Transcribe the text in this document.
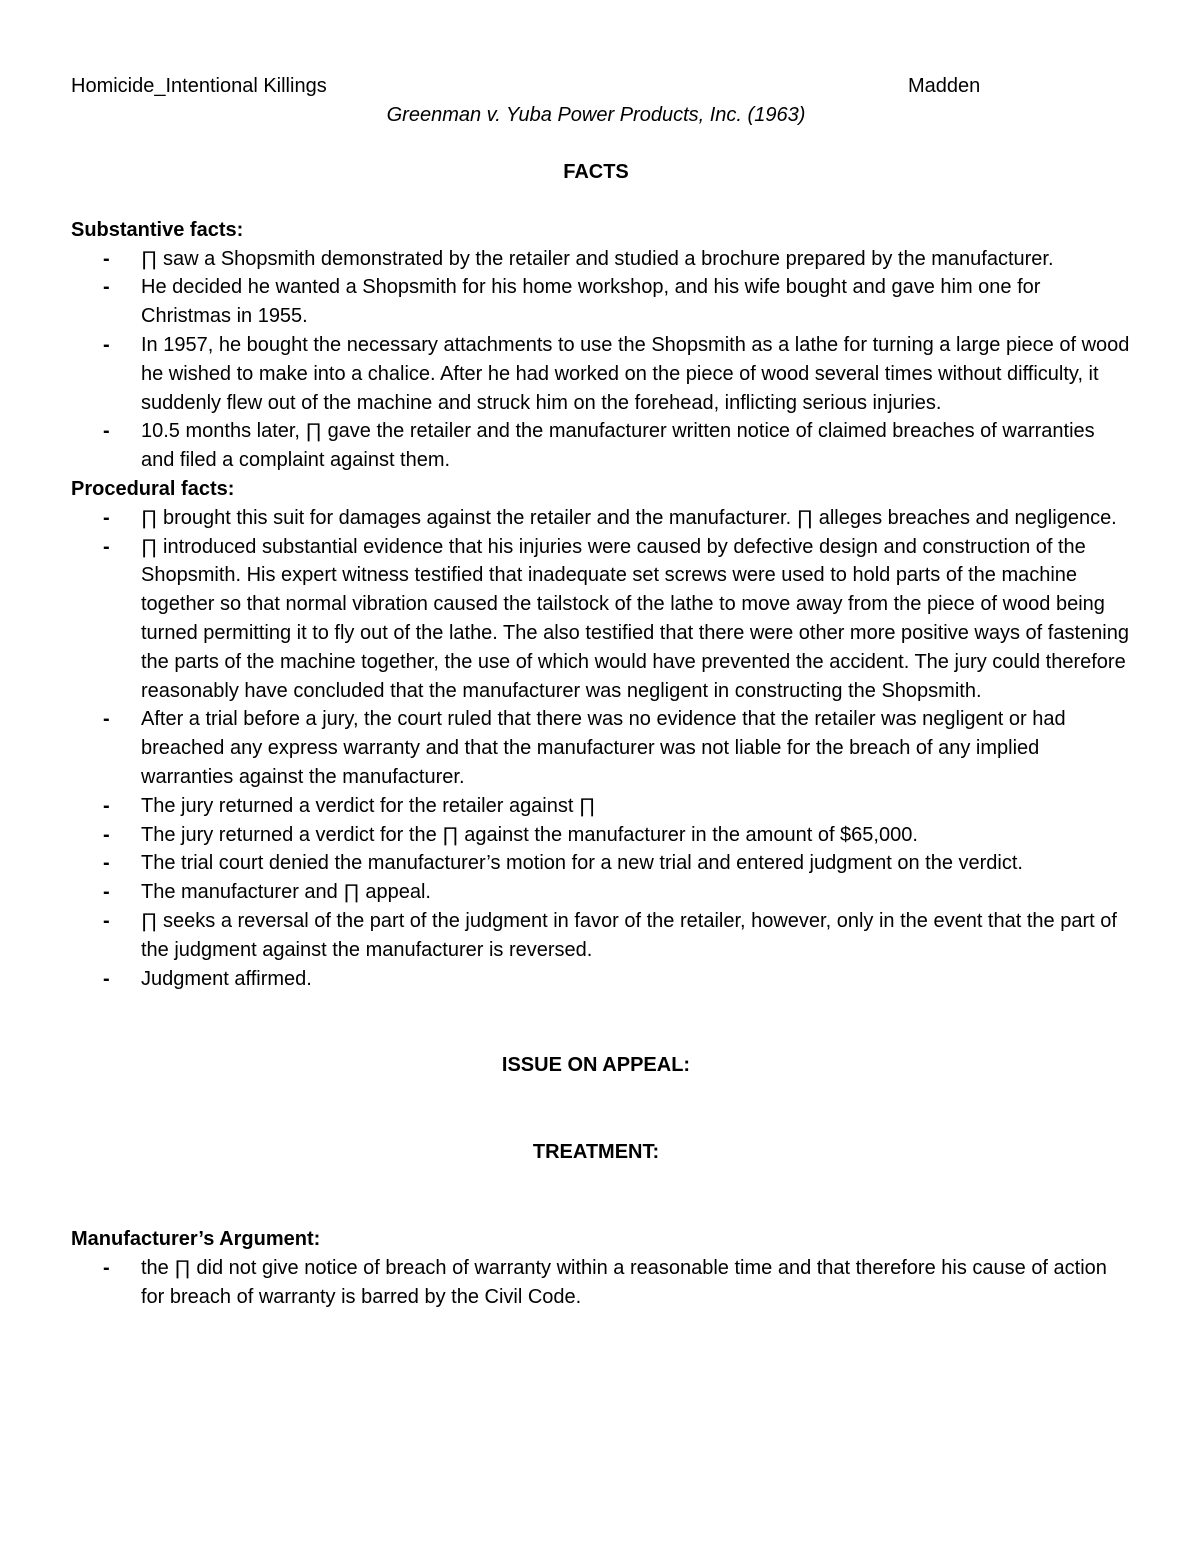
Homicide_Intentional Killings	Madden
Greenman v. Yuba Power Products, Inc. (1963)
FACTS
Substantive facts:
- ∏ saw a Shopsmith demonstrated by the retailer and studied a brochure prepared by the manufacturer.
- He decided he wanted a Shopsmith for his home workshop, and his wife bought and gave him one for Christmas in 1955.
- In 1957, he bought the necessary attachments to use the Shopsmith as a lathe for turning a large piece of wood he wished to make into a chalice. After he had worked on the piece of wood several times without difficulty, it suddenly flew out of the machine and struck him on the forehead, inflicting serious injuries.
- 10.5 months later, ∏ gave the retailer and the manufacturer written notice of claimed breaches of warranties and filed a complaint against them.
Procedural facts:
- ∏ brought this suit for damages against the retailer and the manufacturer. ∏ alleges breaches and negligence.
- ∏ introduced substantial evidence that his injuries were caused by defective design and construction of the Shopsmith. His expert witness testified that inadequate set screws were used to hold parts of the machine together so that normal vibration caused the tailstock of the lathe to move away from the piece of wood being turned permitting it to fly out of the lathe. The also testified that there were other more positive ways of fastening the parts of the machine together, the use of which would have prevented the accident. The jury could therefore reasonably have concluded that the manufacturer was negligent in constructing the Shopsmith.
- After a trial before a jury, the court ruled that there was no evidence that the retailer was negligent or had breached any express warranty and that the manufacturer was not liable for the breach of any implied warranties against the manufacturer.
- The jury returned a verdict for the retailer against ∏
- The jury returned a verdict for the ∏ against the manufacturer in the amount of $65,000.
- The trial court denied the manufacturer’s motion for a new trial and entered judgment on the verdict.
- The manufacturer and ∏ appeal.
- ∏ seeks a reversal of the part of the judgment in favor of the retailer, however, only in the event that the part of the judgment against the manufacturer is reversed.
- Judgment affirmed.
ISSUE ON APPEAL:
TREATMENT:
Manufacturer’s Argument:
- the ∏ did not give notice of breach of warranty within a reasonable time and that therefore his cause of action for breach of warranty is barred by the Civil Code.
